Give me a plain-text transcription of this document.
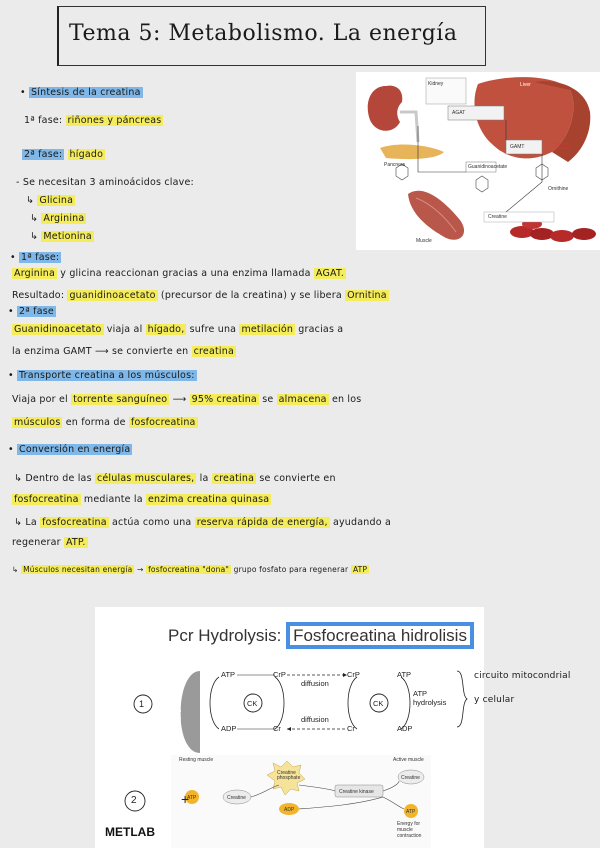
Tema 5: Metabolismo. La energía
Kidney	Liver
Pancreas
AGAT
GAMT
Guanidinoacetate
Ornithine
Creatine
Muscle
• Síntesis de la creatina
1ª fase: riñones y páncreas
2ª fase: hígado
- Se necesitan 3 aminoácidos clave:
↳ Glicina
↳ Arginina
↳ Metionina
• 1ª fase:
Arginina y glicina reaccionan gracias a una enzima llamada AGAT.
Resultado: guanidinoacetato (precursor de la creatina) y se libera Ornitina
• 2ª fase
Guanidinoacetato viaja al hígado, sufre una metilación gracias a
la enzima GAMT ⟶ se convierte en creatina
• Transporte creatina a los músculos:
Viaja por el torrente sanguíneo ⟶ 95% creatina se almacena en los
músculos en forma de fosfocreatina
• Conversión en energía
↳ Dentro de las células musculares, la creatina se convierte en
fosfocreatina mediante la enzima creatina quinasa
↳ La fosfocreatina actúa como una reserva rápida de energía, ayudando a
regenerar ATP.
↳ Músculos necesitan energía → fosfocreatina "dona" grupo fosfato para regenerar ATP
Pcr Hydrolysis: Fosfocreatina hidrolisis
1
2
mitochondrion
ATP
ADP
CK
CrP
Cr
diffusion
diffusion
CrP
Cr
CK
ATP
ADP
ATP hydrolysis
Resting muscle	Active muscle
Creatine phosphate
+
ATP	Creatine
ADP
Creatine kinase
Creatine
ATP
Energy for muscle contraction
METLAB
circuito mitocondrial
y celular
